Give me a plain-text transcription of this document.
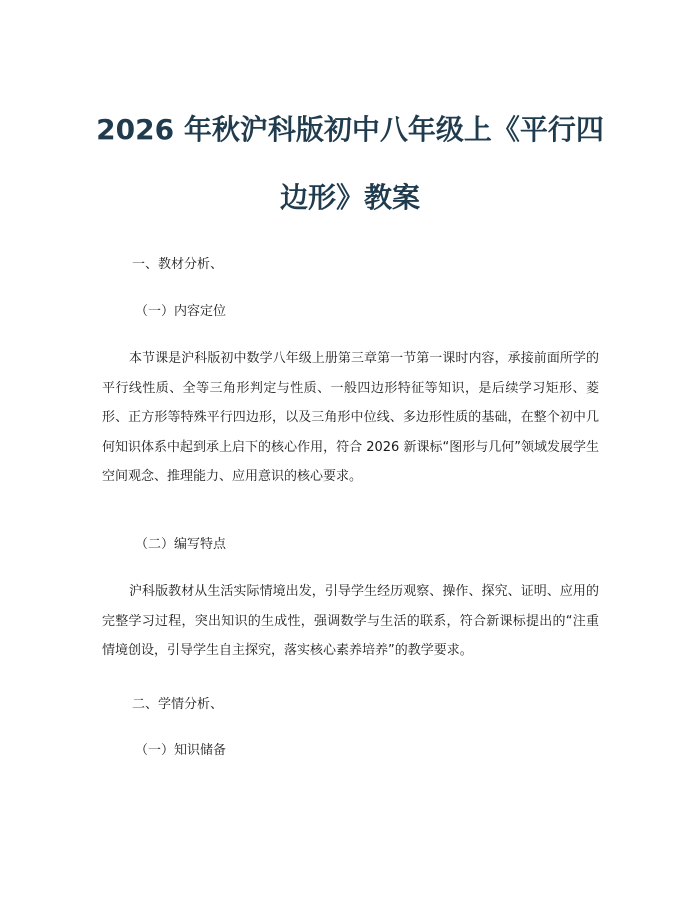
2026 年秋沪科版初中八年级上《平行四
边形》教案
一、教材分析、
（一）内容定位

本节课是沪科版初中数学八年级上册第三章第一节第一课时内容，承接前面所学的平行线性质、全等三角形判定与性质、一般四边形特征等知识，是后续学习矩形、菱形、正方形等特殊平行四边形，以及三角形中位线、多边形性质的基础，在整个初中几何知识体系中起到承上启下的核心作用，符合 2026 新课标“图形与几何”领域发展学生空间观念、推理能力、应用意识的核心要求。

（二）编写特点

沪科版教材从生活实际情境出发，引导学生经历观察、操作、探究、证明、应用的完整学习过程，突出知识的生成性，强调数学与生活的联系，符合新课标提出的“注重情境创设，引导学生自主探究，落实核心素养培养”的教学要求。

二、学情分析、
（一）知识储备
